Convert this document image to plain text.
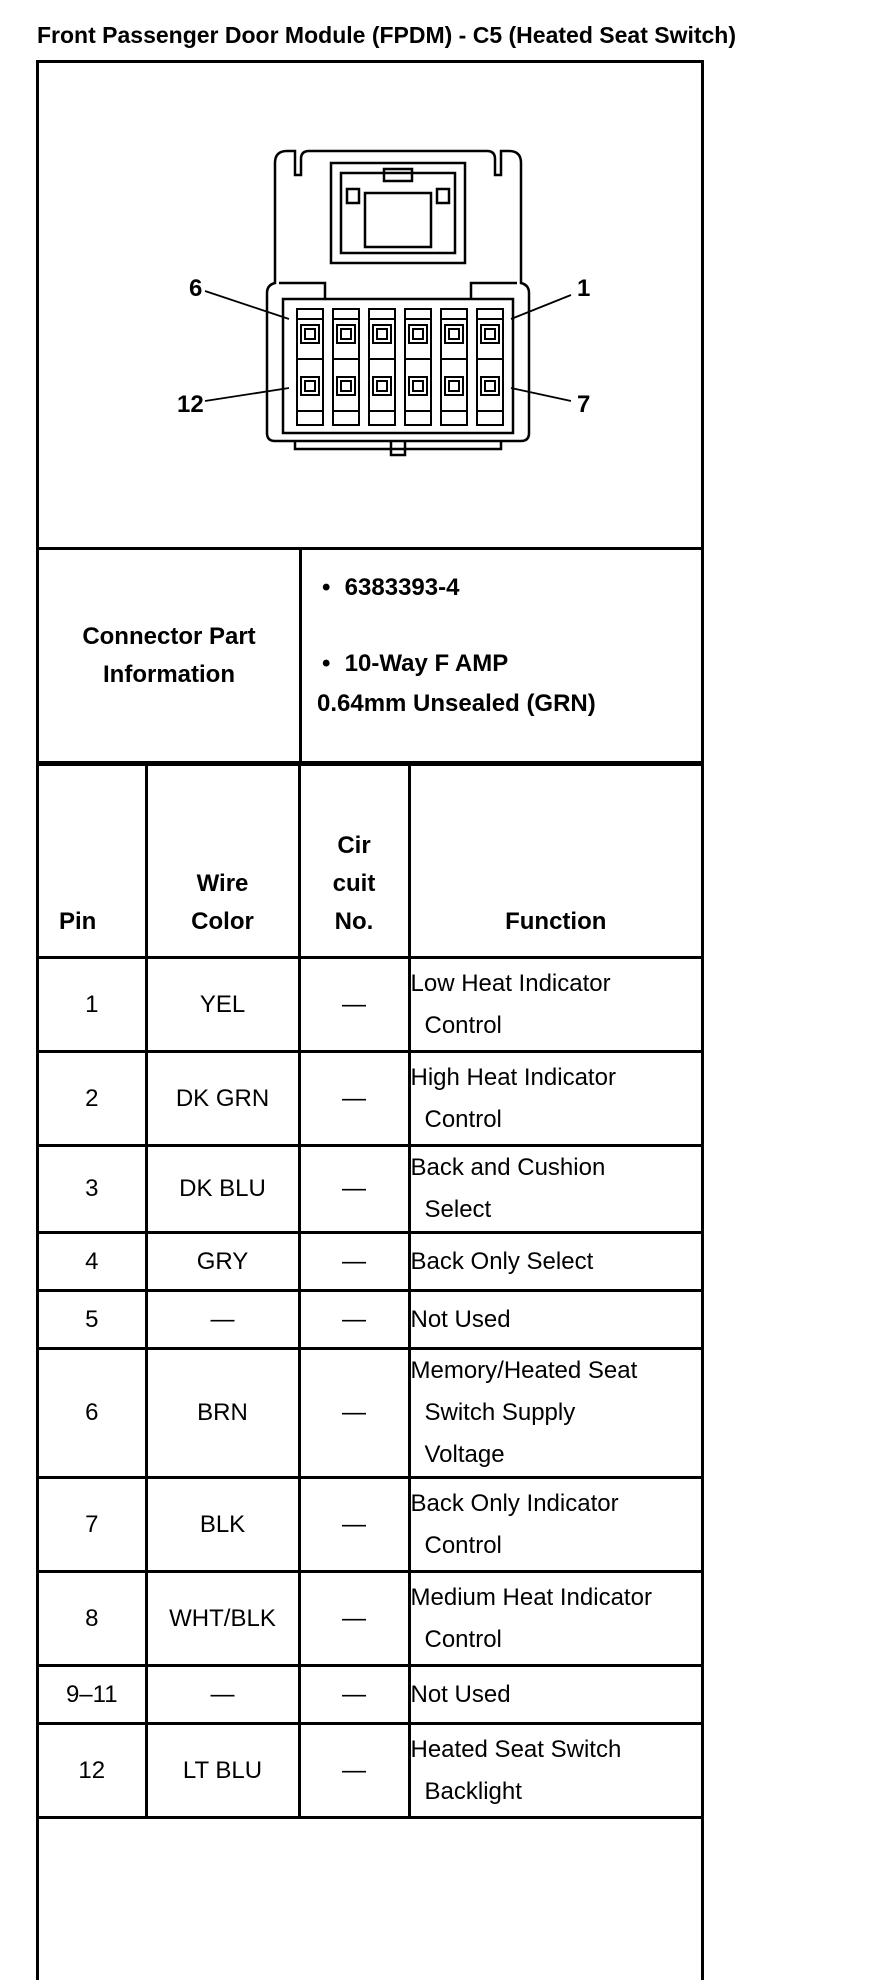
Front Passenger Door Module (FPDM) - C5 (Heated Seat Switch)
6
12
1
7
Connector Part Information
• 6383393-4
• 10-Way F AMP
0.64mm Unsealed (GRN)
Pin	Wire Color	Cir cuit No.	Function
1	YEL	—	Low Heat Indicator
Control

2	DK GRN	—	High Heat Indicator
Control

3	DK BLU	—	Back and Cushion
Select

4	GRY	—	Back Only Select

5	—	—	Not Used

6	BRN	—	Memory/Heated Seat
Switch Supply
Voltage

7	BLK	—	Back Only Indicator
Control

8	WHT/BLK	—	Medium Heat Indicator
Control

9–11	—	—	Not Used

12	LT BLU	—	Heated Seat Switch
Backlight
